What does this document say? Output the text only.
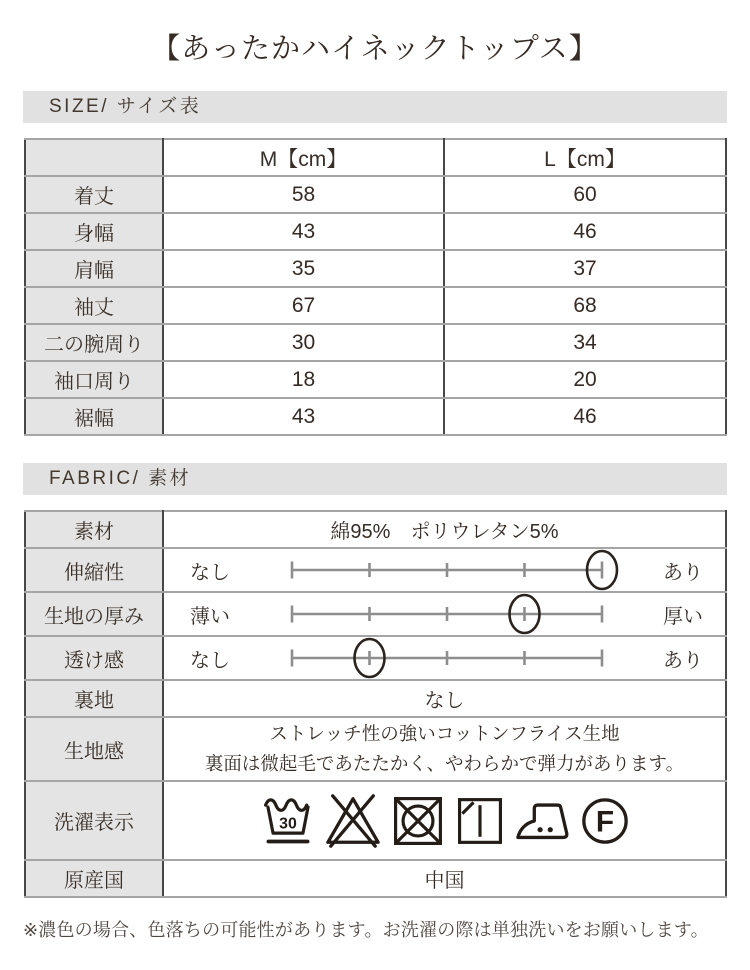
【あったかハイネックトップス】
SIZE/ サイズ表
	M【cm】	L【cm】
着丈	58	60
身幅	43	46
肩幅	35	37
袖丈	67	68
二の腕周り	30	34
袖口周り	18	20
裾幅	43	46
FABRIC/ 素材
素材	綿95%　ポリウレタン5%
伸縮性	なし あり

生地の厚み	薄い 厚い

透け感	なし あり

裏地	なし
生地感	ストレッチ性の強いコットンフライス生地
裏面は微起毛であたたかく、やわらかで弾力があります。

洗濯表示	30 F

原産国	中国
※濃色の場合、色落ちの可能性があります。お洗濯の際は単独洗いをお願いします。
